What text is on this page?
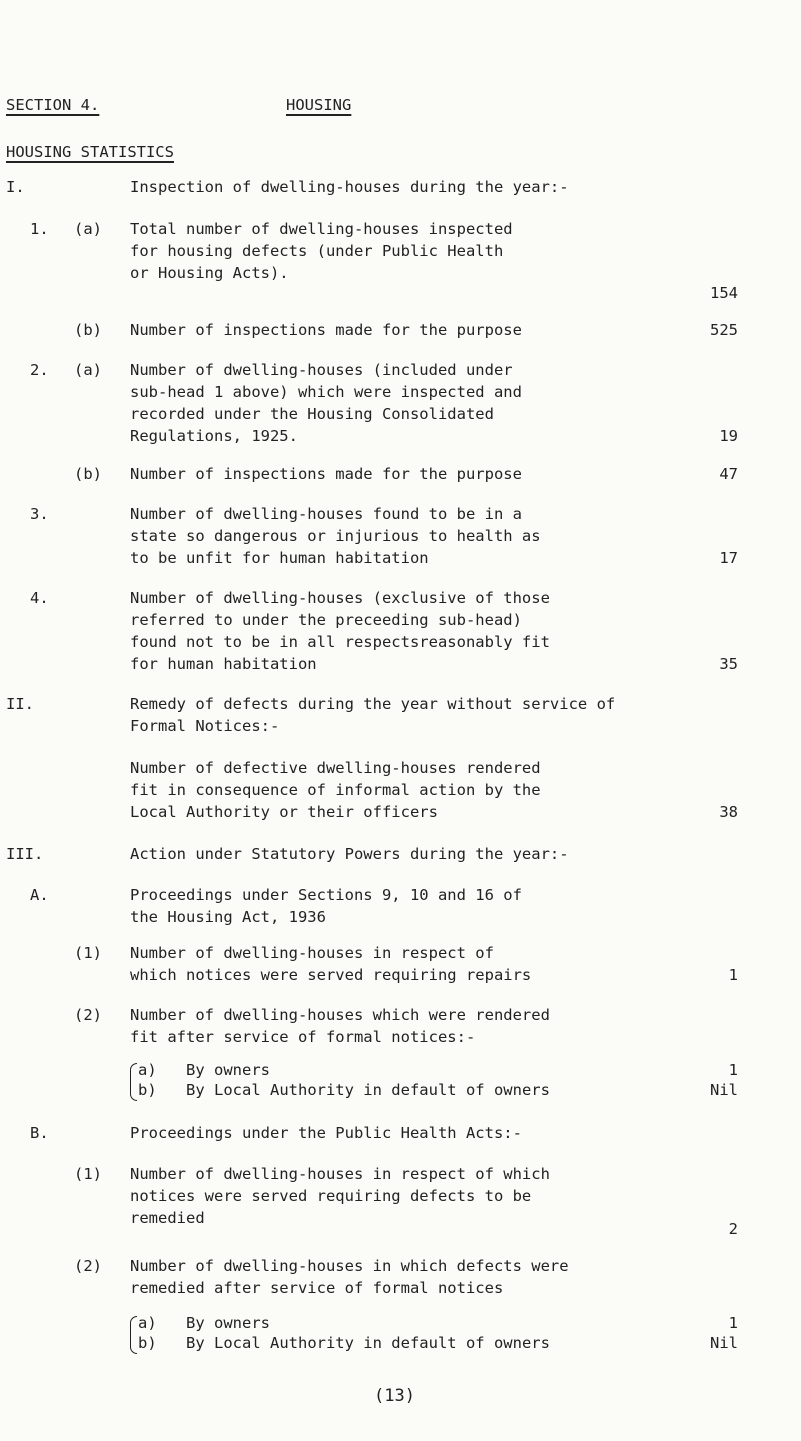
SECTION 4.	HOUSING
HOUSING STATISTICS
I.	Inspection of dwelling-houses during the year:-
1. (a) Total number of dwelling-houses inspected
for housing defects (under Public Health
or Housing Acts).
154
(b) Number of inspections made for the purpose	525
2. (a) Number of dwelling-houses (included under
sub-head 1 above) which were inspected and
recorded under the Housing Consolidated
Regulations, 1925.	19
(b) Number of inspections made for the purpose	47
3.	Number of dwelling-houses found to be in a
state so dangerous or injurious to health as
to be unfit for human habitation	17
4.	Number of dwelling-houses (exclusive of those
referred to under the preceeding sub-head)
found not to be in all respectsreasonably fit
for human habitation	35
II.	Remedy of defects during the year without service of
Formal Notices:-
Number of defective dwelling-houses rendered
fit in consequence of informal action by the
Local Authority or their officers	38
III.	Action under Statutory Powers during the year:-
A.	Proceedings under Sections 9, 10 and 16 of
the Housing Act, 1936
(1) Number of dwelling-houses in respect of
which notices were served requiring repairs	1
(2) Number of dwelling-houses which were rendered
fit after service of formal notices:-
a) By owners	1
b) By Local Authority in default of owners	Nil
B.	Proceedings under the Public Health Acts:-
(1) Number of dwelling-houses in respect of which
notices were served requiring defects to be
remedied
2
(2) Number of dwelling-houses in which defects were
remedied after service of formal notices
a) By owners	1
b) By Local Authority in default of owners	Nil
(13)
